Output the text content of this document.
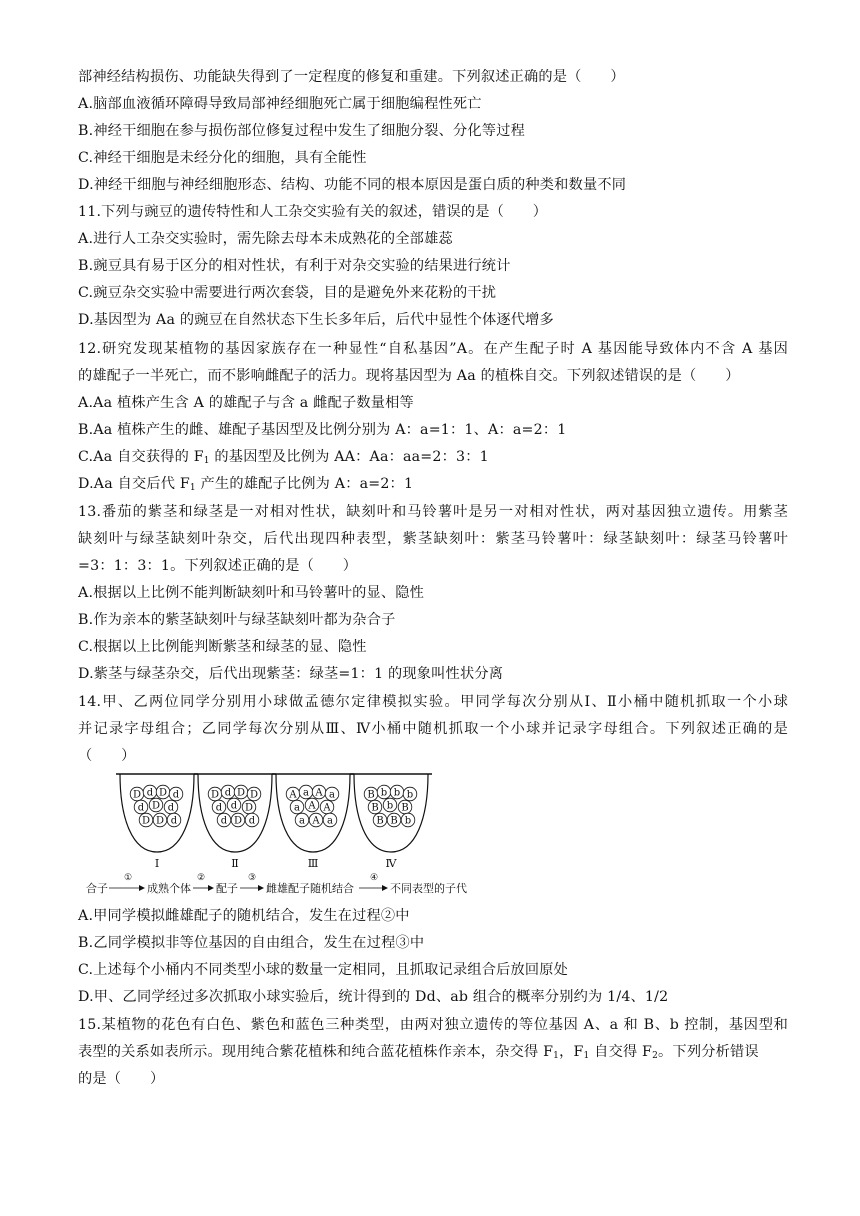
部神经结构损伤、功能缺失得到了一定程度的修复和重建。下列叙述正确的是（　　）
A.脑部血液循环障碍导致局部神经细胞死亡属于细胞编程性死亡
B.神经干细胞在参与损伤部位修复过程中发生了细胞分裂、分化等过程
C.神经干细胞是未经分化的细胞，具有全能性
D.神经干细胞与神经细胞形态、结构、功能不同的根本原因是蛋白质的种类和数量不同
11.下列与豌豆的遗传特性和人工杂交实验有关的叙述，错误的是（　　）
A.进行人工杂交实验时，需先除去母本未成熟花的全部雄蕊
B.豌豆具有易于区分的相对性状，有利于对杂交实验的结果进行统计
C.豌豆杂交实验中需要进行两次套袋，目的是避免外来花粉的干扰
D.基因型为 Aa 的豌豆在自然状态下生长多年后，后代中显性个体逐代增多
12.研究发现某植物的基因家族存在一种显性“自私基因”A。在产生配子时 A 基因能导致体内不含 A 基因
的雄配子一半死亡，而不影响雌配子的活力。现将基因型为 Aa 的植株自交。下列叙述错误的是（　　）
A.Aa 植株产生含 A 的雄配子与含 a 雌配子数量相等
B.Aa 植株产生的雌、雄配子基因型及比例分别为 A：a=1：1、A：a=2：1
C.Aa 自交获得的 $F_1$ 的基因型及比例为 AA：Aa：aa=2：3：1
D.Aa 自交后代 $F_1$ 产生的雄配子比例为 A：a=2：1
13.番茄的紫茎和绿茎是一对相对性状，缺刻叶和马铃薯叶是另一对相对性状，两对基因独立遗传。用紫茎
缺刻叶与绿茎缺刻叶杂交，后代出现四种表型，紫茎缺刻叶：紫茎马铃薯叶：绿茎缺刻叶：绿茎马铃薯叶
=3：1：3：1。下列叙述正确的是（　　）
A.根据以上比例不能判断缺刻叶和马铃薯叶的显、隐性
B.作为亲本的紫茎缺刻叶与绿茎缺刻叶都为杂合子
C.根据以上比例能判断紫茎和绿茎的显、隐性
D.紫茎与绿茎杂交，后代出现紫茎：绿茎=1：1 的现象叫性状分离
14.甲、乙两位同学分别用小球做孟德尔定律模拟实验。甲同学每次分别从Ⅰ、Ⅱ小桶中随机抓取一个小球
并记录字母组合；乙同学每次分别从Ⅲ、Ⅳ小桶中随机抓取一个小球并记录字母组合。下列叙述正确的是
（　　）
D d D d
d D d
D D d
Ⅰ
D d D D
d d D
d D d
Ⅱ
A a A a
a A A
a A a
Ⅲ
B b b b
B b B
B B b
Ⅳ
合子
①
成熟个体
②
配子
③
雌雄配子随机结合
④
不同表型的子代
A.甲同学模拟雌雄配子的随机结合，发生在过程②中
B.乙同学模拟非等位基因的自由组合，发生在过程③中
C.上述每个小桶内不同类型小球的数量一定相同，且抓取记录组合后放回原处
D.甲、乙同学经过多次抓取小球实验后，统计得到的 Dd、ab 组合的概率分别约为 1/4、1/2
15.某植物的花色有白色、紫色和蓝色三种类型，由两对独立遗传的等位基因 A、a 和 B、b 控制，基因型和
表型的关系如表所示。现用纯合紫花植株和纯合蓝花植株作亲本，杂交得 $F_1$，$F_1$ 自交得 $F_2$。下列分析错误
的是（　　）
